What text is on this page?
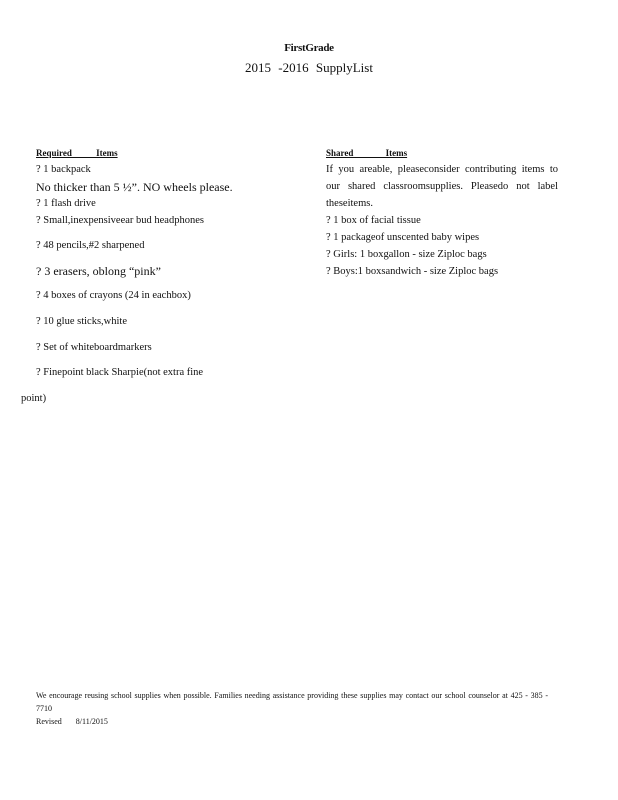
FirstGrade
2015 -2016 SupplyList
Required Items
? 1 backpack
No thicker than 5 ½”. NO wheels please.
? 1 flash drive
? Small,inexpensiveear bud headphones
? 48 pencils,#2 sharpened
? 3 erasers, oblong “pink”
? 4 boxes of crayons (24 in eachbox)
? 10 glue sticks,white
? Set of whiteboardmarkers
? Finepoint black Sharpie(not extra fine
point)
Shared Items
If you areable, pleaseconsider contributing items to our shared classroomsupplies. Pleasedo not label theseitems.
? 1 box of facial tissue
? 1 packageof unscented baby wipes
? Girls: 1 boxgallon - size Ziploc bags
? Boys:1 boxsandwich - size Ziploc bags
We encourage reusing school supplies when possible. Families needing assistance providing these supplies may contact our school counselor at 425 - 385 - 7710
Revised 8/11/2015
